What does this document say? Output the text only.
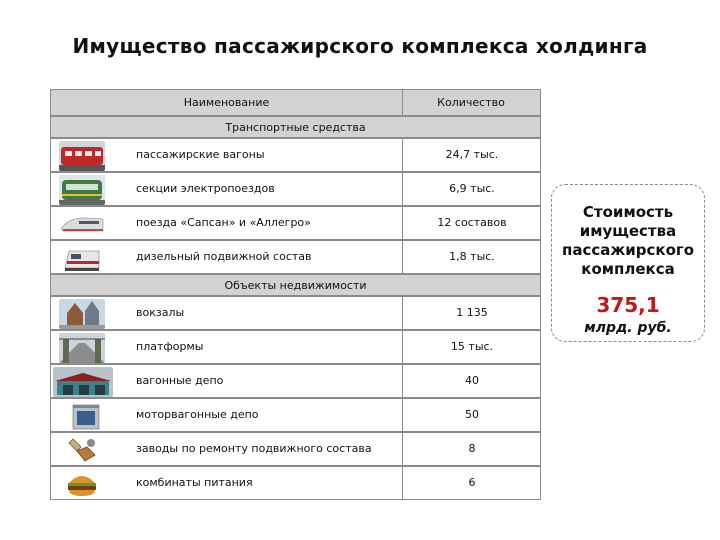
Имущество пассажирского комплекса холдинга
Наименование	Количество
Транспортные средства
пассажирские вагоны	24,7 тыс.
секции электропоездов	6,9 тыс.
поезда «Сапсан» и «Аллегро»	12 составов
дизельный подвижной состав	1,8 тыс.
Объекты недвижимости
вокзалы	1 135
платформы	15 тыс.
вагонные депо	40
моторвагонные депо	50
заводы по ремонту подвижного состава	8
комбинаты питания	6
Стоимость имущества пассажирского комплекса
375,1
млрд. руб.
